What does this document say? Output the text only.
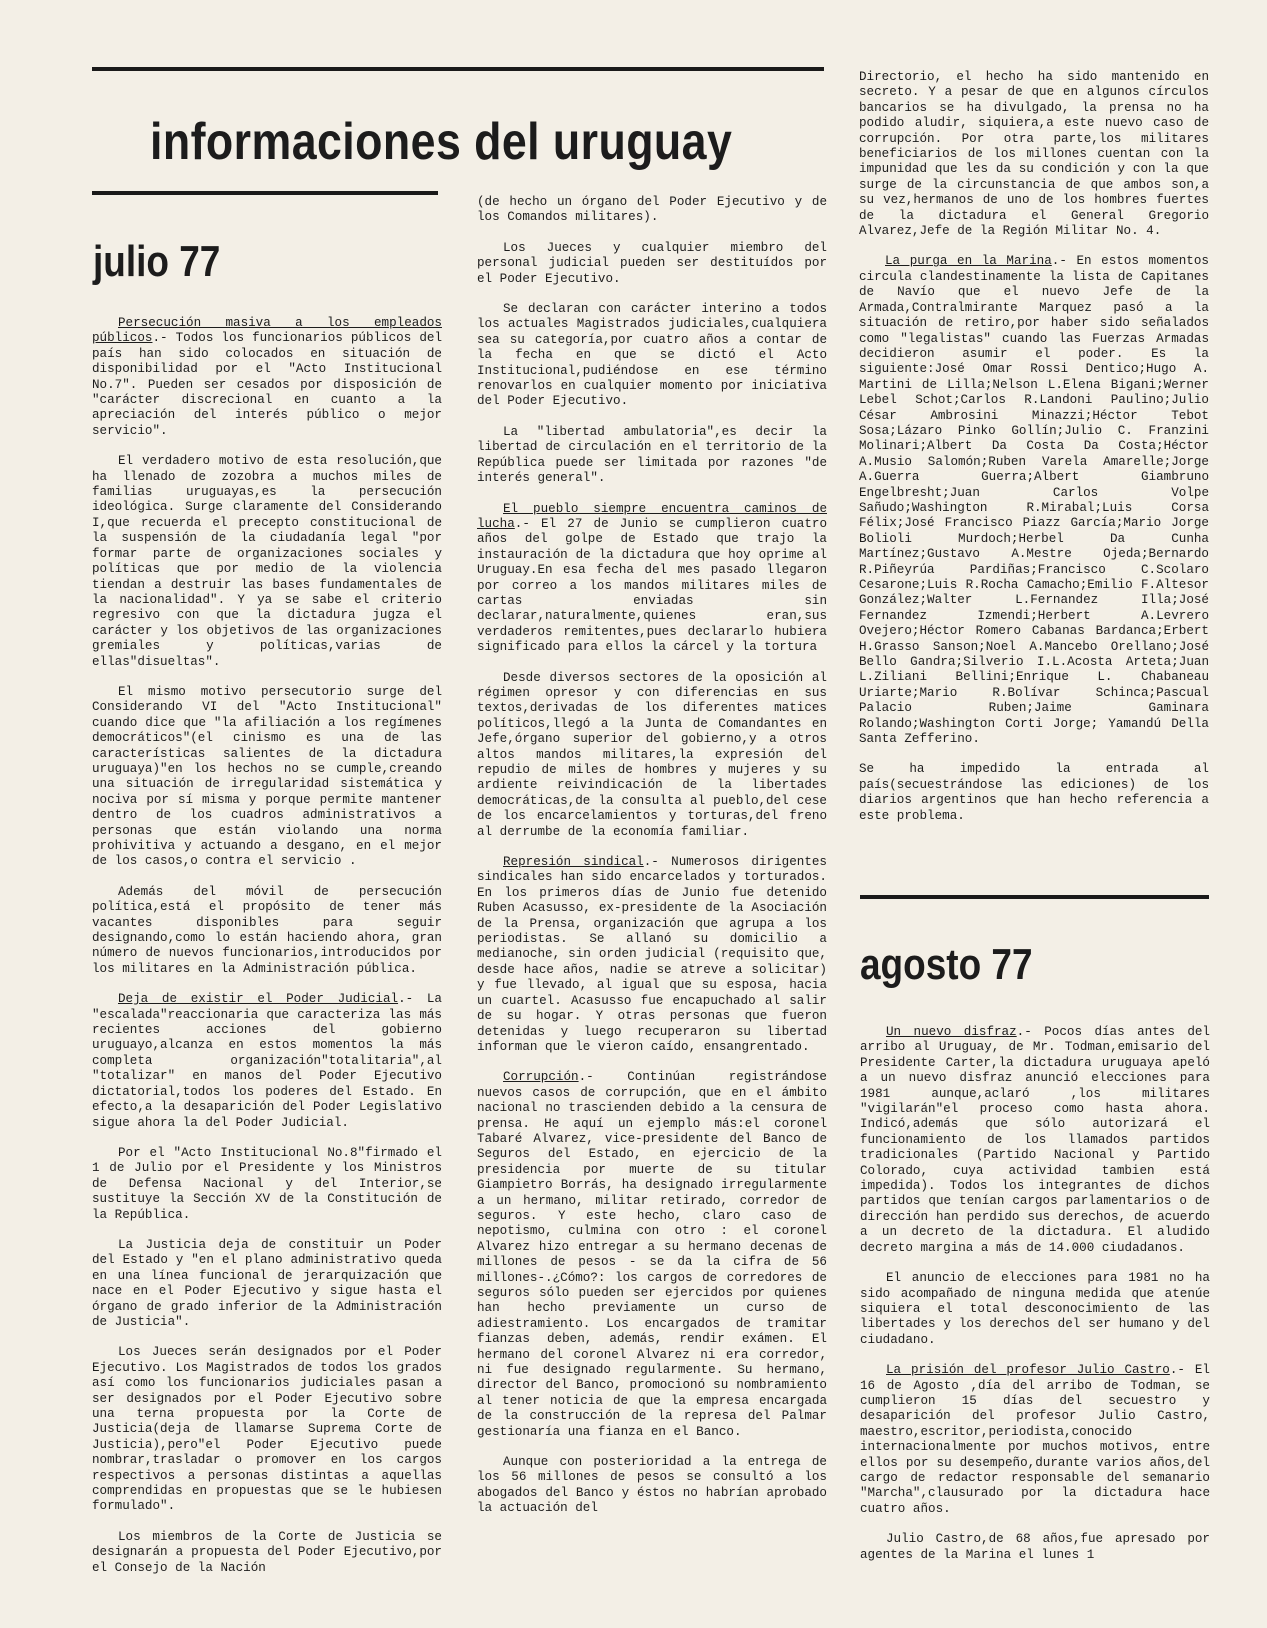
informaciones del uruguay
julio 77

Persecución masiva a los empleados públicos.- Todos los funcionarios públicos del país han sido colocados en situación de disponibilidad por el "Acto Institucional No.7". Pueden ser cesados por disposición de "carácter discrecional en cuanto a la apreciación del interés público o mejor servicio".

El verdadero motivo de esta resolución,que ha llenado de zozobra a muchos miles de familias uruguayas,es la persecución ideológica. Surge claramente del Considerando I,que recuerda el precepto constitucional de la suspensión de la ciudadanía legal "por formar parte de organizaciones sociales y políticas que por medio de la violencia tiendan a destruir las bases fundamentales de la nacionalidad". Y ya se sabe el criterio regresivo con que la dictadura jugza el carácter y los objetivos de las organizaciones gremiales y políticas,varias de ellas"disueltas".

El mismo motivo persecutorio surge del Considerando VI del "Acto Institucional" cuando dice que "la afiliación a los regímenes democráticos"(el cinismo es una de las características salientes de la dictadura uruguaya)"en los hechos no se cumple,creando una situación de irregularidad sistemática y nociva por sí misma y porque permite mantener dentro de los cuadros administrativos a personas que están violando una norma prohivitiva y actuando a desgano, en el mejor de los casos,o contra el servicio .

Además del móvil de persecución política,está el propósito de tener más vacantes disponibles para seguir designando,como lo están haciendo ahora, gran número de nuevos funcionarios,introducidos por los militares en la Administración pública.

Deja de existir el Poder Judicial.- La "escalada"reaccionaria que caracteriza las más recientes acciones del gobierno uruguayo,alcanza en estos momentos la más completa organización"totalitaria",al "totalizar" en manos del Poder Ejecutivo dictatorial,todos los poderes del Estado. En efecto,a la desaparición del Poder Legislativo sigue ahora la del Poder Judicial.

Por el "Acto Institucional No.8"firmado el 1 de Julio por el Presidente y los Ministros de Defensa Nacional y del Interior,se sustituye la Sección XV de la Constitución de la República.

La Justicia deja de constituir un Poder del Estado y "en el plano administrativo queda en una línea funcional de jerarquización que nace en el Poder Ejecutivo y sigue hasta el órgano de grado inferior de la Administración de Justicia".

Los Jueces serán designados por el Poder Ejecutivo. Los Magistrados de todos los grados así como los funcionarios judiciales pasan a ser designados por el Poder Ejecutivo sobre una terna propuesta por la Corte de Justicia(deja de llamarse Suprema Corte de Justicia),pero"el Poder Ejecutivo puede nombrar,trasladar o promover en los cargos respectivos a personas distintas a aquellas comprendidas en propuestas que se le hubiesen formulado".

Los miembros de la Corte de Justicia se designarán a propuesta del Poder Ejecutivo,por el Consejo de la Nación

(de hecho un órgano del Poder Ejecutivo y de los Comandos militares).

Los Jueces y cualquier miembro del personal judicial pueden ser destituídos por el Poder Ejecutivo.

Se declaran con carácter interino a todos los actuales Magistrados judiciales,cualquiera sea su categoría,por cuatro años a contar de la fecha en que se dictó el Acto Institucional,pudiéndose en ese término renovarlos en cualquier momento por iniciativa del Poder Ejecutivo.

La "libertad ambulatoria",es decir la libertad de circulación en el territorio de la República puede ser limitada por razones "de interés general".

El pueblo siempre encuentra caminos de lucha.- El 27 de Junio se cumplieron cuatro años del golpe de Estado que trajo la instauración de la dictadura que hoy oprime al Uruguay.En esa fecha del mes pasado llegaron por correo a los mandos militares miles de cartas enviadas sin declarar,naturalmente,quienes eran,sus verdaderos remitentes,pues declararlo hubiera significado para ellos la cárcel y la tortura

Desde diversos sectores de la oposición al régimen opresor y con diferencias en sus textos,derivadas de los diferentes matices políticos,llegó a la Junta de Comandantes en Jefe,órgano superior del gobierno,y a otros altos mandos militares,la expresión del repudio de miles de hombres y mujeres y su ardiente reivindicación de la libertades democráticas,de la consulta al pueblo,del cese de los encarcelamientos y torturas,del freno al derrumbe de la economía familiar.

Represión sindical.- Numerosos dirigentes sindicales han sido encarcelados y torturados. En los primeros días de Junio fue detenido Ruben Acasusso, ex-presidente de la Asociación de la Prensa, organización que agrupa a los periodistas. Se allanó su domicilio a medianoche, sin orden judicial (requisito que, desde hace años, nadie se atreve a solicitar) y fue llevado, al igual que su esposa, hacia un cuartel. Acasusso fue encapuchado al salir de su hogar. Y otras personas que fueron detenidas y luego recuperaron su libertad informan que le vieron caído, ensangrentado.

Corrupción.- Continúan registrándose nuevos casos de corrupción, que en el ámbito nacional no trascienden debido a la censura de prensa. He aquí un ejemplo más:el coronel Tabaré Alvarez, vice-presidente del Banco de Seguros del Estado, en ejercicio de la presidencia por muerte de su titular Giampietro Borrás, ha designado irregularmente a un hermano, militar retirado, corredor de seguros. Y este hecho, claro caso de nepotismo, culmina con otro : el coronel Alvarez hizo entregar a su hermano decenas de millones de pesos - se da la cifra de 56 millones-.¿Cómo?: los cargos de corredores de seguros sólo pueden ser ejercidos por quienes han hecho previamente un curso de adiestramiento. Los encargados de tramitar fianzas deben, además, rendir exámen. El hermano del coronel Alvarez ni era corredor, ni fue designado regularmente. Su hermano, director del Banco, promocionó su nombramiento al tener noticia de que la empresa encargada de la construcción de la represa del Palmar gestionaría una fianza en el Banco.

Aunque con posterioridad a la entrega de los 56 millones de pesos se consultó a los abogados del Banco y éstos no habrían aprobado la actuación del

Directorio, el hecho ha sido mantenido en secreto. Y a pesar de que en algunos círculos bancarios se ha divulgado, la prensa no ha podido aludir, siquiera,a este nuevo caso de corrupción. Por otra parte,los militares beneficiarios de los millones cuentan con la impunidad que les da su condición y con la que surge de la circunstancia de que ambos son,a su vez,hermanos de uno de los hombres fuertes de la dictadura el General Gregorio Alvarez,Jefe de la Región Militar No. 4.

La purga en la Marina.- En estos momentos circula clandestinamente la lista de Capitanes de Navío que el nuevo Jefe de la Armada,Contralmirante Marquez pasó a la situación de retiro,por haber sido señalados como "legalistas" cuando las Fuerzas Armadas decidieron asumir el poder. Es la siguiente:José Omar Rossi Dentico;Hugo A. Martini de Lilla;Nelson L.Elena Bigani;Werner Lebel Schot;Carlos R.Landoni Paulino;Julio César Ambrosini Minazzi;Héctor Tebot Sosa;Lázaro Pinko Gollín;Julio C. Franzini Molinari;Albert Da Costa Da Costa;Héctor A.Musio Salomón;Ruben Varela Amarelle;Jorge A.Guerra Guerra;Albert Giambruno Engelbresht;Juan Carlos Volpe Sañudo;Washington R.Mirabal;Luis Corsa Félix;José Francisco Piazz García;Mario Jorge Bolioli Murdoch;Herbel Da Cunha Martínez;Gustavo A.Mestre Ojeda;Bernardo R.Piñeyrúa Pardiñas;Francisco C.Scolaro Cesarone;Luis R.Rocha Camacho;Emilio F.Altesor González;Walter L.Fernandez Illa;José Fernandez Izmendi;Herbert A.Levrero Ovejero;Héctor Romero Cabanas Bardanca;Erbert H.Grasso Sanson;Noel A.Mancebo Orellano;José Bello Gandra;Silverio I.L.Acosta Arteta;Juan L.Ziliani Bellini;Enrique L. Chabaneau Uriarte;Mario R.Bolívar Schinca;Pascual Palacio Ruben;Jaime Gaminara Rolando;Washington Corti Jorge; Yamandú Della Santa Zefferino.

Se ha impedido la entrada al país(secuestrándose las ediciones) de los diarios argentinos que han hecho referencia a este problema.

agosto 77

Un nuevo disfraz.- Pocos días antes del arribo al Uruguay, de Mr. Todman,emisario del Presidente Carter,la dictadura uruguaya apeló a un nuevo disfraz anunció elecciones para 1981 aunque,aclaró ,los militares "vigilarán"el proceso como hasta ahora. Indicó,además que sólo autorizará el funcionamiento de los llamados partidos tradicionales (Partido Nacional y Partido Colorado, cuya actividad tambien está impedida). Todos los integrantes de dichos partidos que tenían cargos parlamentarios o de dirección han perdido sus derechos, de acuerdo a un decreto de la dictadura. El aludido decreto margina a más de 14.000 ciudadanos.

El anuncio de elecciones para 1981 no ha sido acompañado de ninguna medida que atenúe siquiera el total desconocimiento de las libertades y los derechos del ser humano y del ciudadano.

La prisión del profesor Julio Castro.- El 16 de Agosto ,día del arribo de Todman, se cumplieron 15 días del secuestro y desaparición del profesor Julio Castro, maestro,escritor,periodista,conocido internacionalmente por muchos motivos, entre ellos por su desempeño,durante varios años,del cargo de redactor responsable del semanario "Marcha",clausurado por la dictadura hace cuatro años.

Julio Castro,de 68 años,fue apresado por agentes de la Marina el lunes 1
